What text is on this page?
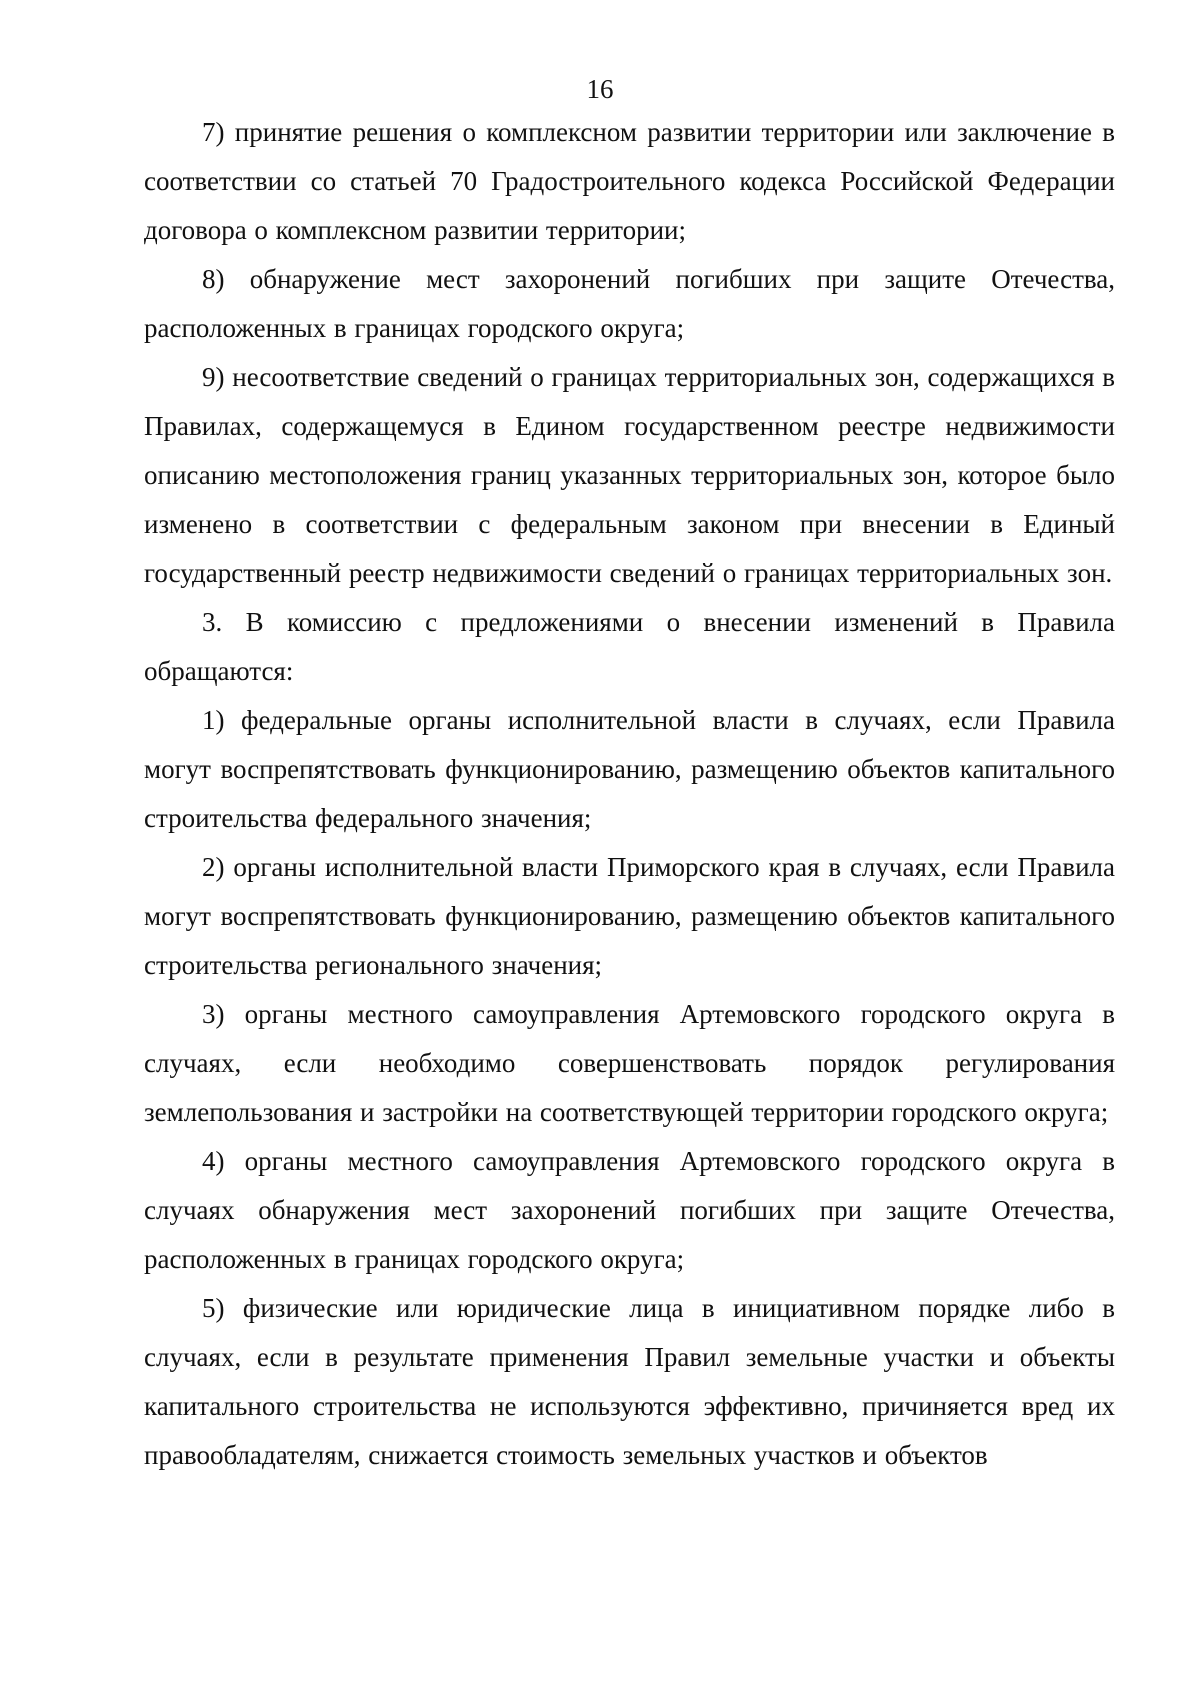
16

7) принятие решения о комплексном развитии территории или заключение в соответствии со статьей 70 Градостроительного кодекса Российской Федерации договора о комплексном развитии территории;

8) обнаружение мест захоронений погибших при защите Отечества, расположенных в границах городского округа;

9) несоответствие сведений о границах территориальных зон, содержащихся в Правилах, содержащемуся в Едином государственном реестре недвижимости описанию местоположения границ указанных территориальных зон, которое было изменено в соответствии с федеральным законом при внесении в Единый государственный реестр недвижимости сведений о границах территориальных зон.

3. В комиссию с предложениями о внесении изменений в Правила обращаются:

1) федеральные органы исполнительной власти в случаях, если Правила могут воспрепятствовать функционированию, размещению объектов капитального строительства федерального значения;

2) органы исполнительной власти Приморского края в случаях, если Правила могут воспрепятствовать функционированию, размещению объектов капитального строительства регионального значения;

3) органы местного самоуправления Артемовского городского округа в случаях, если необходимо совершенствовать порядок регулирования землепользования и застройки на соответствующей территории городского округа;

4) органы местного самоуправления Артемовского городского округа в случаях обнаружения мест захоронений погибших при защите Отечества, расположенных в границах городского округа;

5) физические или юридические лица в инициативном порядке либо в случаях, если в результате применения Правил земельные участки и объекты капитального строительства не используются эффективно, причиняется вред их правообладателям, снижается стоимость земельных участков и объектов
